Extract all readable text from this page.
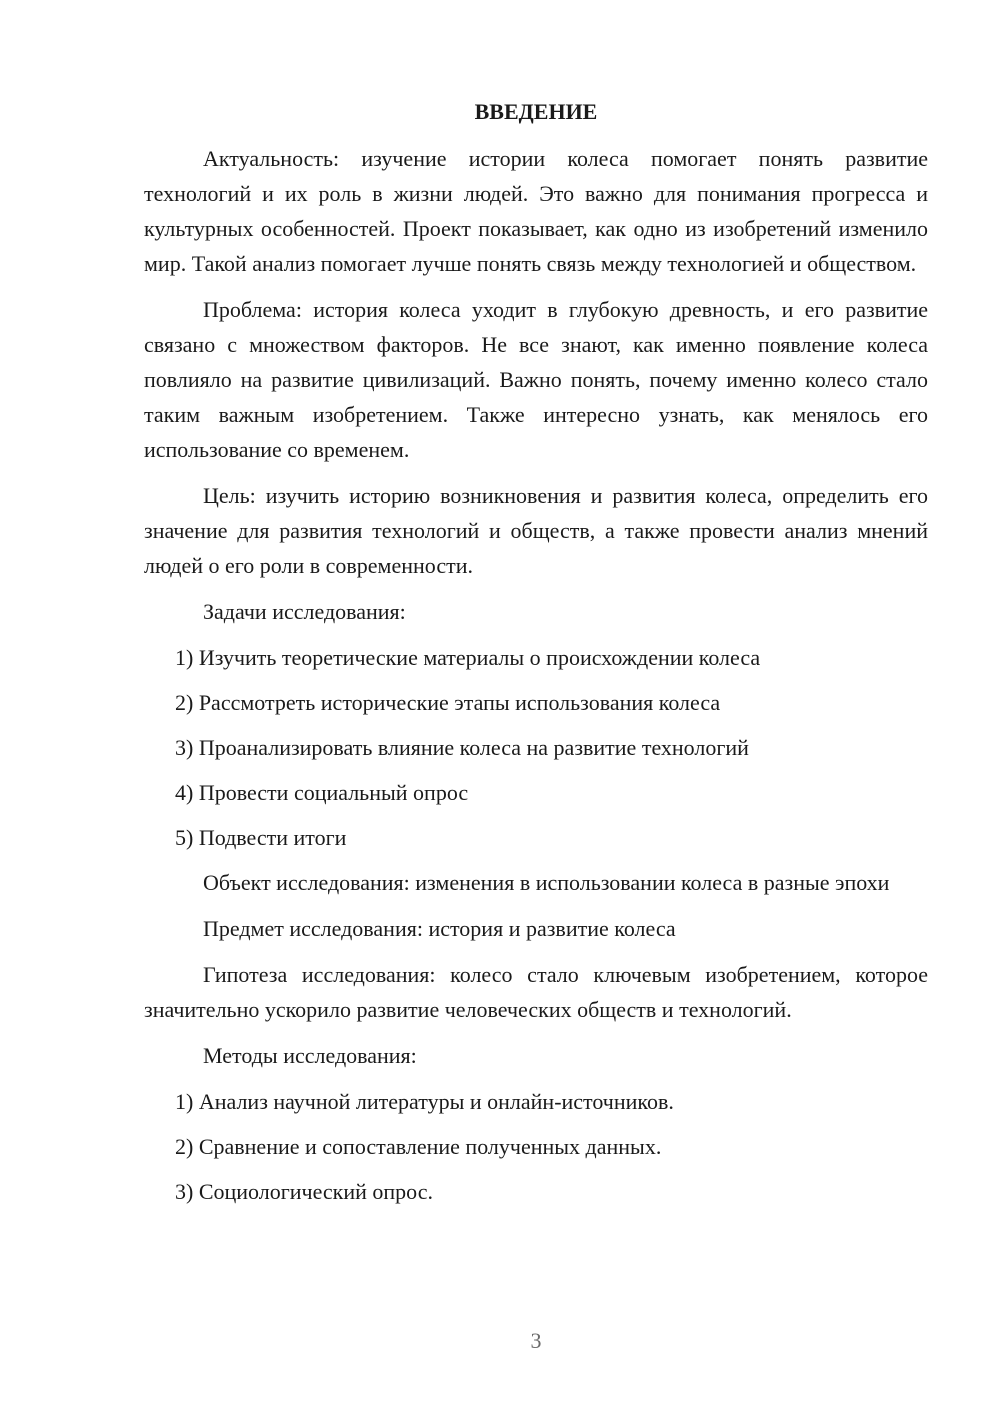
ВВЕДЕНИЕ

Актуальность: изучение истории колеса помогает понять развитие технологий и их роль в жизни людей. Это важно для понимания прогресса и культурных особенностей. Проект показывает, как одно из изобретений изменило мир. Такой анализ помогает лучше понять связь между технологией и обществом.

Проблема: история колеса уходит в глубокую древность, и его развитие связано с множеством факторов. Не все знают, как именно появление колеса повлияло на развитие цивилизаций. Важно понять, почему именно колесо стало таким важным изобретением. Также интересно узнать, как менялось его использование со временем.

Цель: изучить историю возникновения и развития колеса, определить его значение для развития технологий и обществ, а также провести анализ мнений людей о его роли в современности.

Задачи исследования:

1) Изучить теоретические материалы о происхождении колеса
2) Рассмотреть исторические этапы использования колеса
3) Проанализировать влияние колеса на развитие технологий
4) Провести социальный опрос
5) Подвести итоги

Объект исследования: изменения в использовании колеса в разные эпохи

Предмет исследования: история и развитие колеса

Гипотеза исследования: колесо стало ключевым изобретением, которое значительно ускорило развитие человеческих обществ и технологий.

Методы исследования:

1) Анализ научной литературы и онлайн-источников.
2) Сравнение и сопоставление полученных данных.
3) Социологический опрос.
3
